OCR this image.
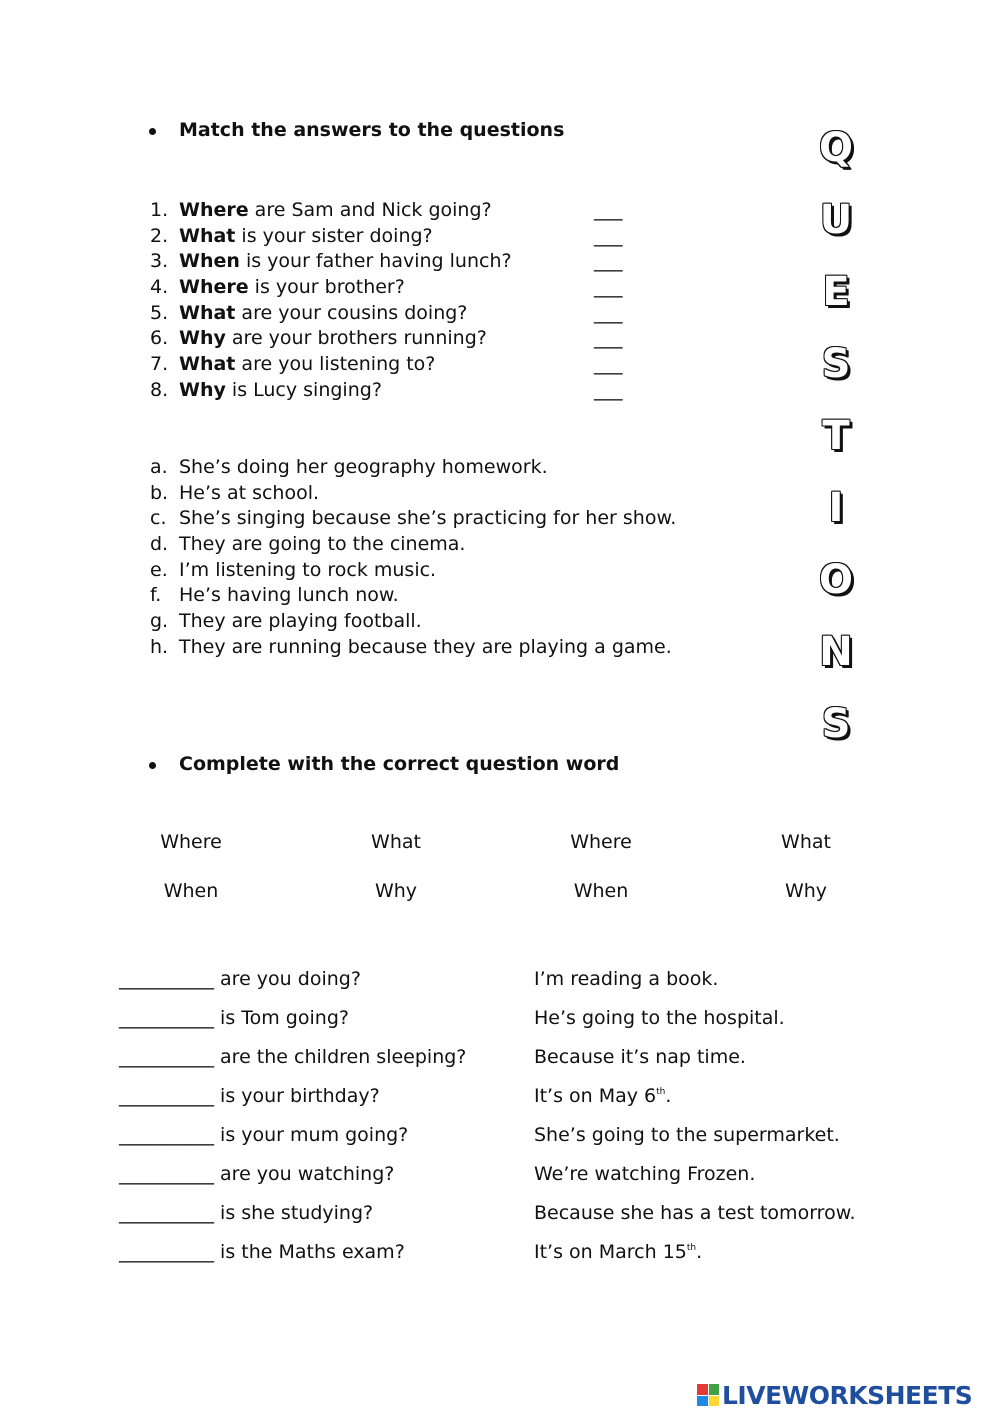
Match the answers to the questions
1. Where are Sam and Nick going?	___
2. What is your sister doing?	___
3. When is your father having lunch?	___
4. Where is your brother?	___
5. What are your cousins doing?	___
6. Why are your brothers running?	___
7. What are you listening to?	___
8. Why is Lucy singing?	___
a. She’s doing her geography homework.
b. He’s at school.
c. She’s singing because she’s practicing for her show.
d. They are going to the cinema.
e. I’m listening to rock music.
f. He’s having lunch now.
g. They are playing football.
h. They are running because they are playing a game.
Q
U
E
S
T
I
O
N
S
Complete with the correct question word
Where	What	Where	What
When	Why	When	Why
__________ are you doing?	I’m reading a book.
__________ is Tom going?	He’s going to the hospital.
__________ are the children sleeping?	Because it’s nap time.
__________ is your birthday?	It’s on May 6th.
__________ is your mum going?	She’s going to the supermarket.
__________ are you watching?	We’re watching Frozen.
__________ is she studying?	Because she has a test tomorrow.
__________ is the Maths exam?	It’s on March 15th.
LIVEWORKSHEETS
